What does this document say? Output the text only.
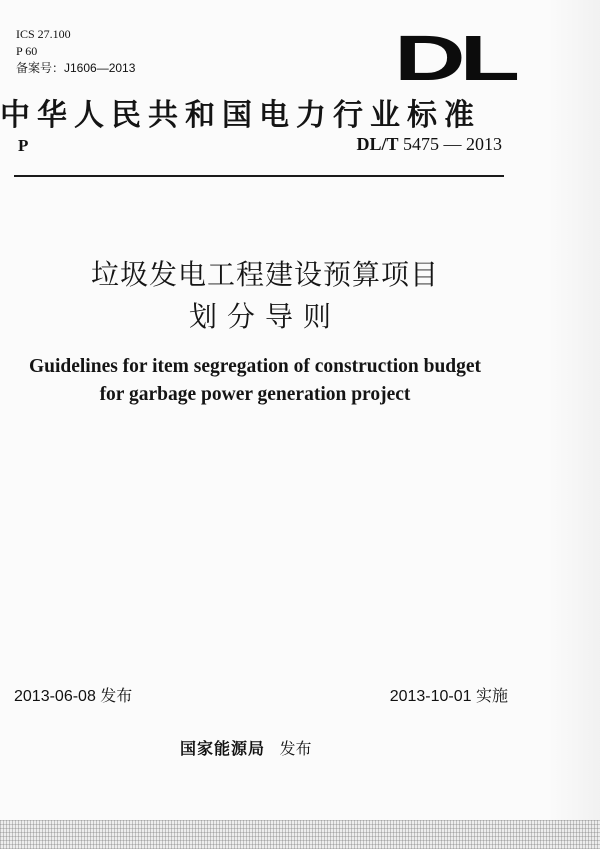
ICS 27.100
P 60
备案号：J1606—2013	DL
中华人民共和国电力行业标准
P	DL/T 5475 — 2013
垃圾发电工程建设预算项目
划分导则
Guidelines for item segregation of construction budget
for garbage power generation project
2013-06-08 发布	2013-10-01 实施
国家能源局 发布
